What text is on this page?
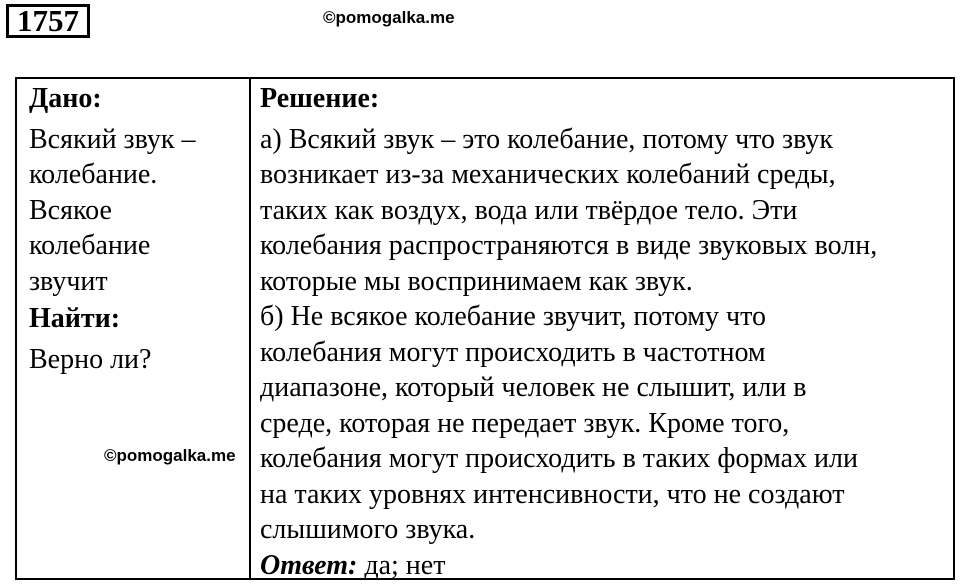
1757	©pomogalka.me
Дано:
Всякий звук –
колебание.
Всякое
колебание
звучит
Найти:
Верно ли?
Решение:
а) Всякий звук – это колебание, потому что звук
возникает из-за механических колебаний среды,
таких как воздух, вода или твёрдое тело. Эти
колебания распространяются в виде звуковых волн,
которые мы воспринимаем как звук.
б) Не всякое колебание звучит, потому что
колебания могут происходить в частотном
диапазоне, который человек не слышит, или в
среде, которая не передает звук. Кроме того,
колебания могут происходить в таких формах или
на таких уровнях интенсивности, что не создают
слышимого звука.
Ответ: да; нет
©pomogalka.me
